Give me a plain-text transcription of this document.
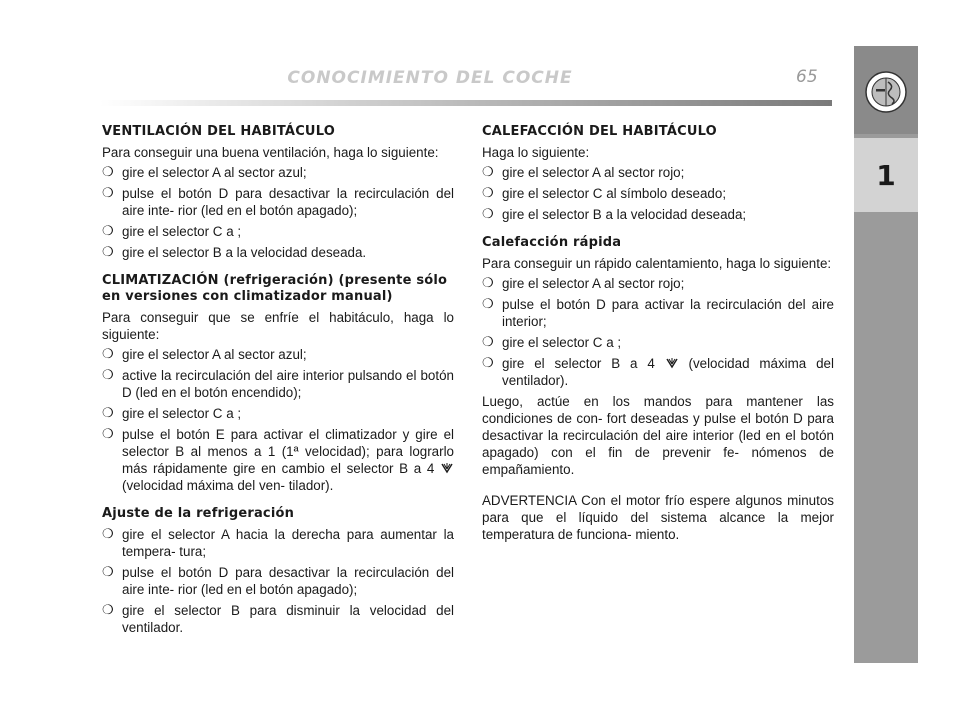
CONOCIMIENTO DEL COCHE	65
1
VENTILACIÓN DEL HABITÁCULO

Para conseguir una buena ventilación, haga lo siguiente:

❍ gire el selector A al sector azul;
❍ pulse el botón D para desactivar la recirculación del aire inte- rior (led en el botón apagado);
❍ gire el selector C a ;
❍ gire el selector B a la velocidad deseada.
CLIMATIZACIÓN (refrigeración) (presente sólo en versiones con climatizador manual)

Para conseguir que se enfríe el habitáculo, haga lo siguiente:

❍ gire el selector A al sector azul;
❍ active la recirculación del aire interior pulsando el botón D (led en el botón encendido);
❍ gire el selector C a ;
❍ pulse el botón E para activar el climatizador y gire el selector B al menos a 1 (1ª velocidad); para lograrlo más rápidamente gire en cambio el selector B a 4  (velocidad máxima del ven- tilador).
Ajuste de la refrigeración
❍ gire el selector A hacia la derecha para aumentar la tempera- tura;
❍ pulse el botón D para desactivar la recirculación del aire inte- rior (led en el botón apagado);
❍ gire el selector B para disminuir la velocidad del ventilador.
CALEFACCIÓN DEL HABITÁCULO

Haga lo siguiente:

❍ gire el selector A al sector rojo;
❍ gire el selector C al símbolo deseado;
❍ gire el selector B a la velocidad deseada;
Calefacción rápida

Para conseguir un rápido calentamiento, haga lo siguiente:

❍ gire el selector A al sector rojo;
❍ pulse el botón D para activar la recirculación del aire interior;
❍ gire el selector C a ;
❍ gire el selector B a 4  (velocidad máxima del ventilador).

Luego, actúe en los mandos para mantener las condiciones de con- fort deseadas y pulse el botón D para desactivar la recirculación del aire interior (led en el botón apagado) con el fin de prevenir fe- nómenos de empañamiento.

ADVERTENCIA Con el motor frío espere algunos minutos para que el líquido del sistema alcance la mejor temperatura de funciona- miento.
